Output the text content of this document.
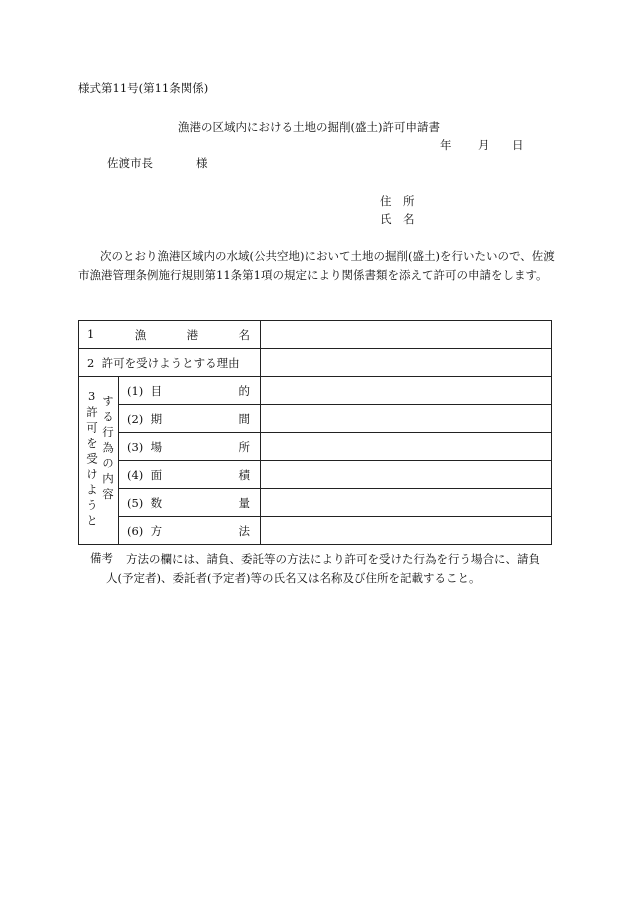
様式第11号(第11条関係)
漁港の区域内における土地の掘削(盛土)許可申請書
年 月 日
佐渡市長	様
住　所
氏　名
次のとおり漁港区域内の水域(公共空地)において土地の掘削(盛土)を行いたいので、佐渡市漁港管理条例施行規則第11条第1項の規定により関係書類を添えて許可の申請をします。
1 漁 港 名		

2 許可を受けようとする理由		

3
許可を受けようと する行為の内容	(1) 目 的	

	(2) 期 間	

	(3) 場 所	

	(4) 面 積	

	(5) 数 量	

	(6) 方 法	

備考 方法の欄には、請負、委託等の方法により許可を受けた行為を行う場合に、請負
人(予定者)、委託者(予定者)等の氏名又は名称及び住所を記載すること。
